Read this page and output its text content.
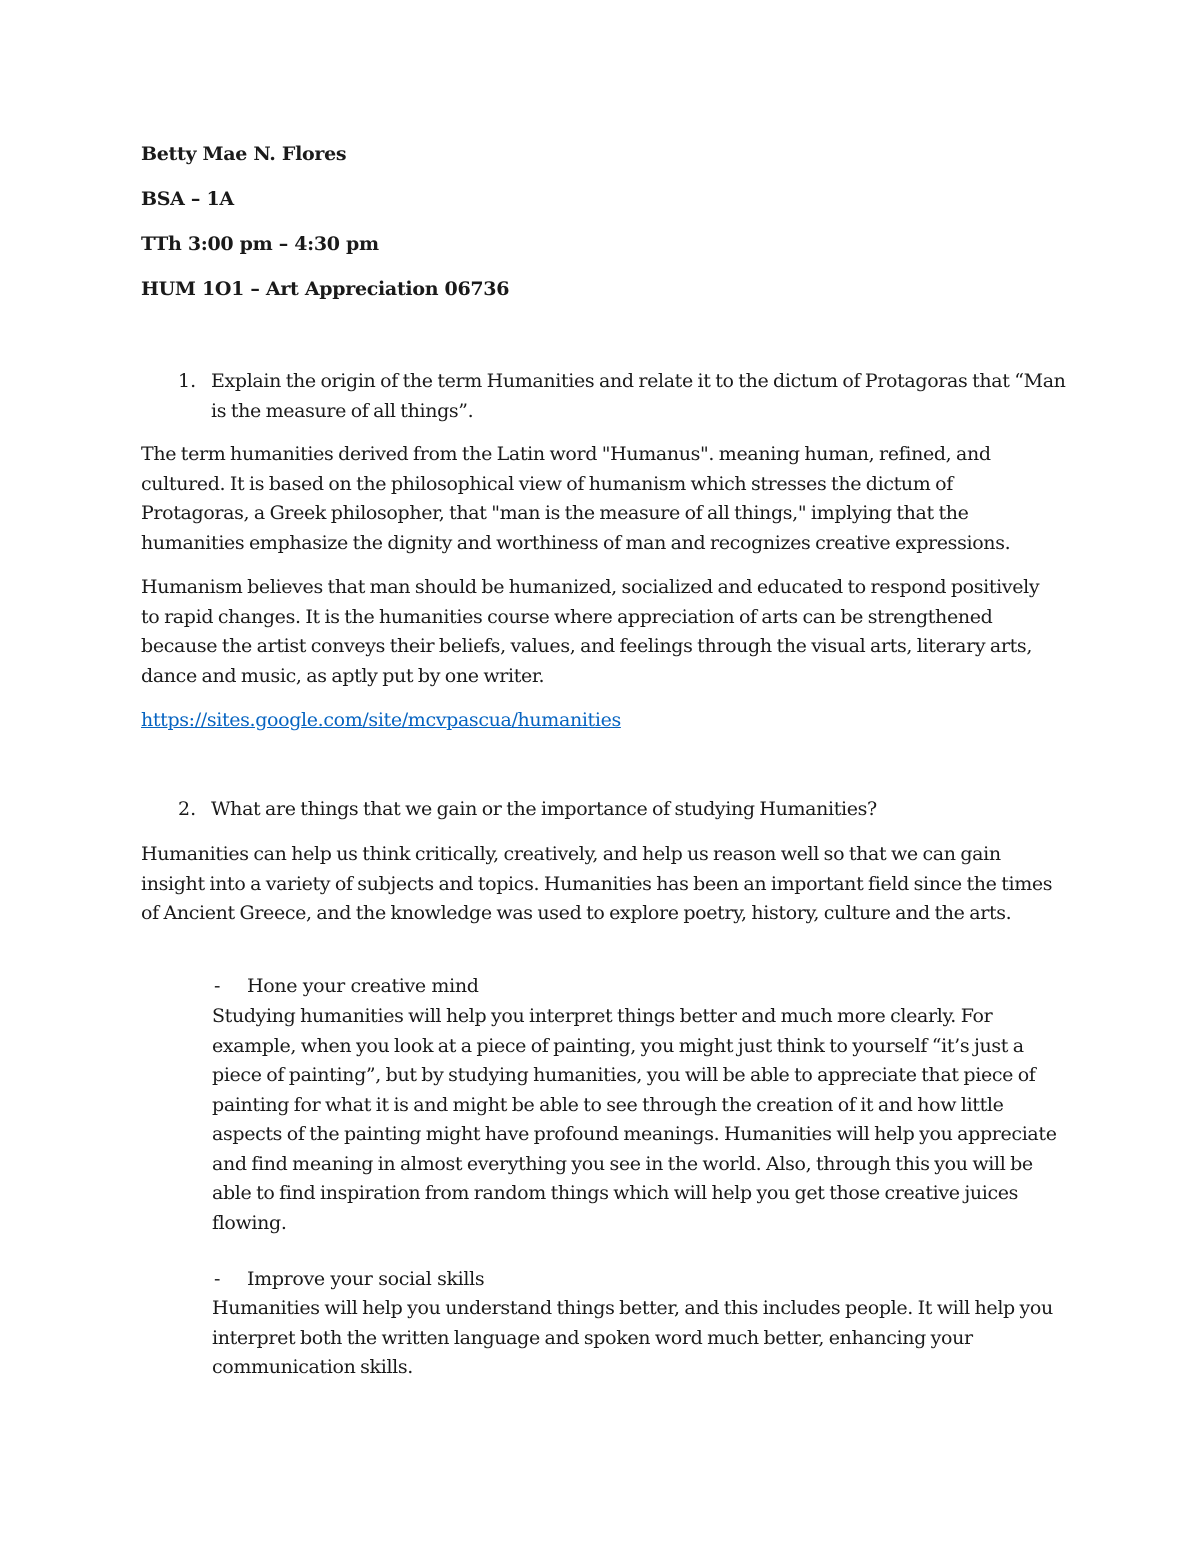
Betty Mae N. Flores
BSA – 1A
TTh 3:00 pm – 4:30 pm
HUM 1O1 – Art Appreciation 06736
1. Explain the origin of the term Humanities and relate it to the dictum of Protagoras that “Man is the measure of all things”.

The term humanities derived from the Latin word "Humanus". meaning human, refined, and cultured. It is based on the philosophical view of humanism which stresses the dictum of Protagoras, a Greek philosopher, that "man is the measure of all things," implying that the humanities emphasize the dignity and worthiness of man and recognizes creative expressions.

Humanism believes that man should be humanized, socialized and educated to respond positively to rapid changes. It is the humanities course where appreciation of arts can be strengthened because the artist conveys their beliefs, values, and feelings through the visual arts, literary arts, dance and music, as aptly put by one writer.

https://sites.google.com/site/mcvpascua/humanities
2. What are things that we gain or the importance of studying Humanities?

Humanities can help us think critically, creatively, and help us reason well so that we can gain insight into a variety of subjects and topics. Humanities has been an important field since the times of Ancient Greece, and the knowledge was used to explore poetry, history, culture and the arts.

- Hone your creative mind

Studying humanities will help you interpret things better and much more clearly. For example, when you look at a piece of painting, you might just think to yourself “it’s just a piece of painting”, but by studying humanities, you will be able to appreciate that piece of painting for what it is and might be able to see through the creation of it and how little aspects of the painting might have profound meanings. Humanities will help you appreciate and find meaning in almost everything you see in the world. Also, through this you will be able to find inspiration from random things which will help you get those creative juices flowing.

- Improve your social skills

Humanities will help you understand things better, and this includes people. It will help you interpret both the written language and spoken word much better, enhancing your communication skills.
